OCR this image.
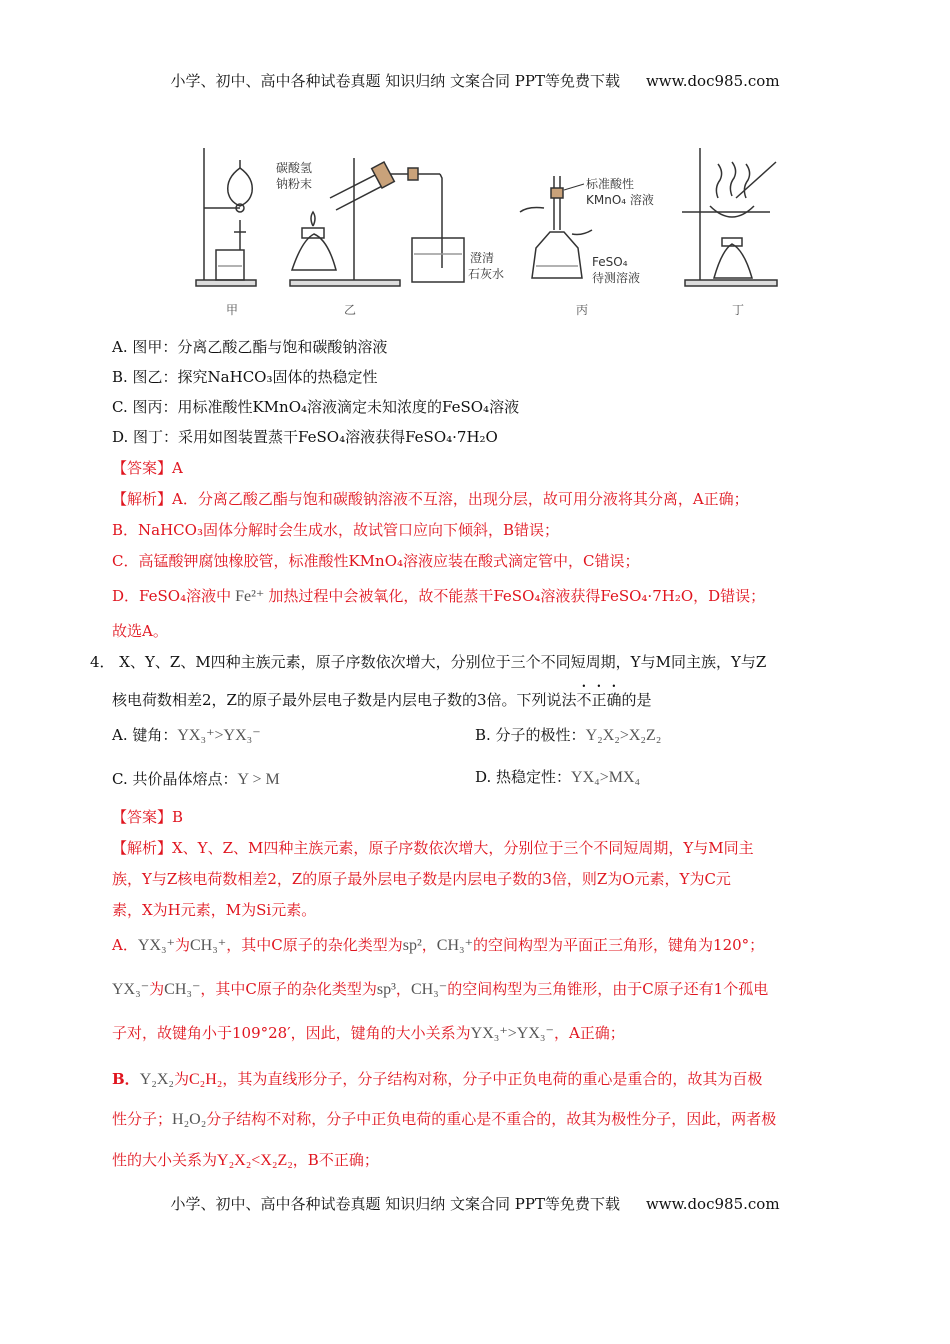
小学、初中、高中各种试卷真题 知识归纳 文案合同 PPT等免费下载 www.doc985.com
甲
碳酸氢
钠粉末
澄清
石灰水
乙
标准酸性
KMnO₄ 溶液
FeSO₄
待测溶液
丙	丁
A. 图甲：分离乙酸乙酯与饱和碳酸钠溶液
B. 图乙：探究NaHCO₃固体的热稳定性
C. 图丙：用标准酸性KMnO₄溶液滴定未知浓度的FeSO₄溶液
D. 图丁：采用如图装置蒸干FeSO₄溶液获得FeSO₄·7H₂O
【答案】A
【解析】A．分离乙酸乙酯与饱和碳酸钠溶液不互溶，出现分层，故可用分液将其分离，A正确；
B．NaHCO₃固体分解时会生成水，故试管口应向下倾斜，B错误；
C．高锰酸钾腐蚀橡胶管，标准酸性KMnO₄溶液应装在酸式滴定管中，C错误；
D．FeSO₄溶液中 Fe²⁺ 加热过程中会被氧化，故不能蒸干FeSO₄溶液获得FeSO₄·7H₂O，D错误；
故选A。
4． X、Y、Z、M四种主族元素，原子序数依次增大，分别位于三个不同短周期，Y与M同主族，Y与Z
核电荷数相差2，Z的原子最外层电子数是内层电子数的3倍。下列说法不正确的是
A. 键角：YX₃⁺>YX₃⁻	B. 分子的极性：Y₂X₂>X₂Z₂
C. 共价晶体熔点：Y > M	D. 热稳定性：YX₄>MX₄
【答案】B
【解析】X、Y、Z、M四种主族元素，原子序数依次增大，分别位于三个不同短周期，Y与M同主
族，Y与Z核电荷数相差2，Z的原子最外层电子数是内层电子数的3倍，则Z为O元素，Y为C元
素，X为H元素，M为Si元素。
A．YX₃⁺为CH₃⁺，其中C原子的杂化类型为sp²，CH₃⁺的空间构型为平面正三角形，键角为120°；
YX₃⁻为CH₃⁻，其中C原子的杂化类型为sp³，CH₃⁻的空间构型为三角锥形，由于C原子还有1个孤电
子对，故键角小于109°28′，因此，键角的大小关系为YX₃⁺>YX₃⁻，A正确；
B．Y₂X₂为C₂H₂，其为直线形分子，分子结构对称，分子中正负电荷的重心是重合的，故其为百极
性分子；H₂O₂分子结构不对称，分子中正负电荷的重心是不重合的，故其为极性分子，因此，两者极
性的大小关系为Y₂X₂<X₂Z₂，B不正确；
小学、初中、高中各种试卷真题 知识归纳 文案合同 PPT等免费下载 www.doc985.com
